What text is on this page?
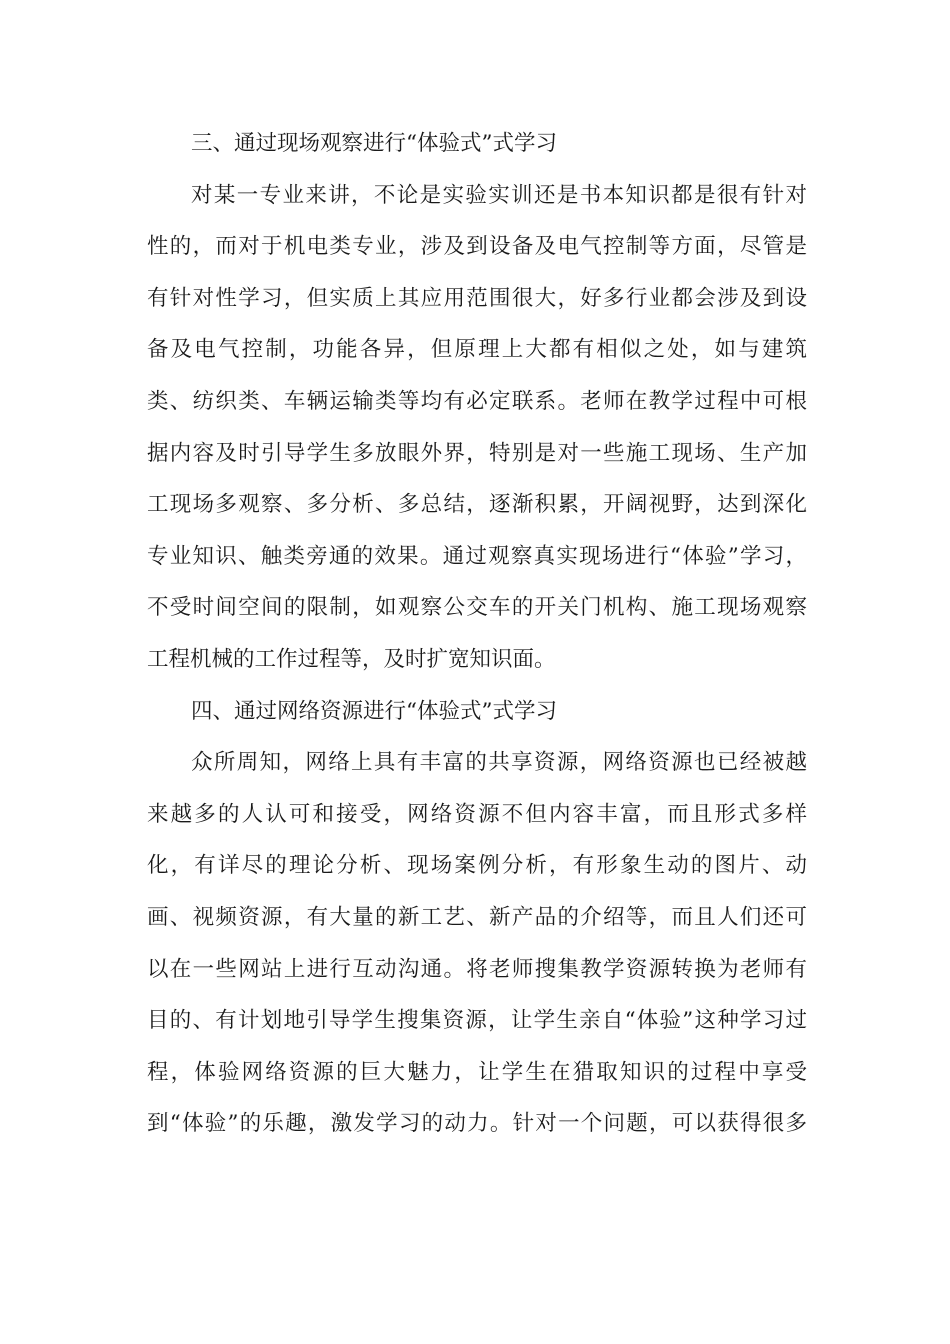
三、通过现场观察进行“体验式”式学习
对某一专业来讲，不论是实验实训还是书本知识都是很有针对
性的，而对于机电类专业，涉及到设备及电气控制等方面，尽管是
有针对性学习，但实质上其应用范围很大，好多行业都会涉及到设
备及电气控制，功能各异，但原理上大都有相似之处，如与建筑
类、纺织类、车辆运输类等均有必定联系。老师在教学过程中可根
据内容及时引导学生多放眼外界，特别是对一些施工现场、生产加
工现场多观察、多分析、多总结，逐渐积累，开阔视野，达到深化
专业知识、触类旁通的效果。通过观察真实现场进行“体验”学习，
不受时间空间的限制，如观察公交车的开关门机构、施工现场观察
工程机械的工作过程等，及时扩宽知识面。
四、通过网络资源进行“体验式”式学习
众所周知，网络上具有丰富的共享资源，网络资源也已经被越
来越多的人认可和接受，网络资源不但内容丰富，而且形式多样
化，有详尽的理论分析、现场案例分析，有形象生动的图片、动
画、视频资源，有大量的新工艺、新产品的介绍等，而且人们还可
以在一些网站上进行互动沟通。将老师搜集教学资源转换为老师有
目的、有计划地引导学生搜集资源，让学生亲自“体验”这种学习过
程，体验网络资源的巨大魅力，让学生在猎取知识的过程中享受
到“体验”的乐趣，激发学习的动力。针对一个问题，可以获得很多
